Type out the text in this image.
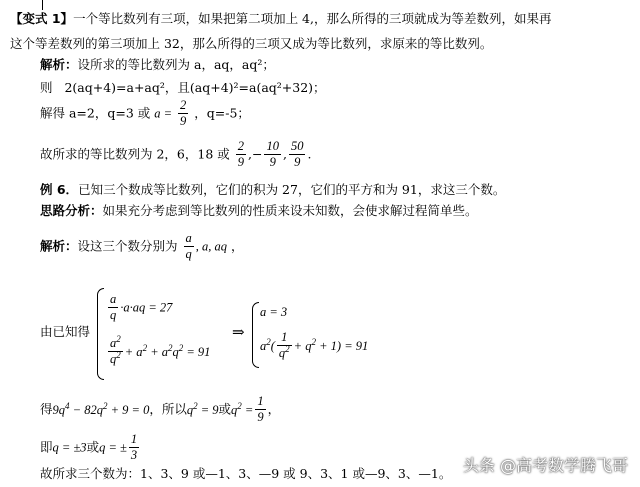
【变式 1】一个等比数列有三项，如果把第二项加上 4,，那么所得的三项就成为等差数列，如果再
这个等差数列的第三项加上 32，那么所得的三项又成为等比数列，求原来的等比数列。
解析：设所求的等比数列为 a，aq，aq²；
则 2(aq+4)=a+aq²，且(aq+4)²=a(aq²+32)；
解得 a=2，q=3 或 $a = \frac{2}{9}$ ，q=-5；
故所求的等比数列为 2，6，18 或 $\frac{2}{9}$ ,− $\frac{10}{9}$ , $\frac{50}{9}$ .
例 6．已知三个数成等比数列，它们的积为 27，它们的平方和为 91，求这三个数。
思路分析：如果充分考虑到等比数列的性质来设未知数，会使求解过程简单些。
解析：设这三个数分别为 $\frac{a}{q}$ , a, aq ，
由已知得
$\frac{a}{q} \cdot a\cdot aq = 27$
$\frac{a^2}{q^2} + a^2 + a^2q^2 = 91$
⇒
a = 3
$a^2( \frac{1}{q^2} + q^2 + 1) = 91$
得$9q^4 - 82q^2 + 9 = 0$，所以$q^2 = 9$或$q^2 = \frac{1}{9}$ ，
即q = ±3或q = ± $\frac{1}{3}$
故所求三个数为：1、3、9 或—1、3、—9 或 9、3、1 或—9、3、—1。 头条 @高考数学腾飞哥
